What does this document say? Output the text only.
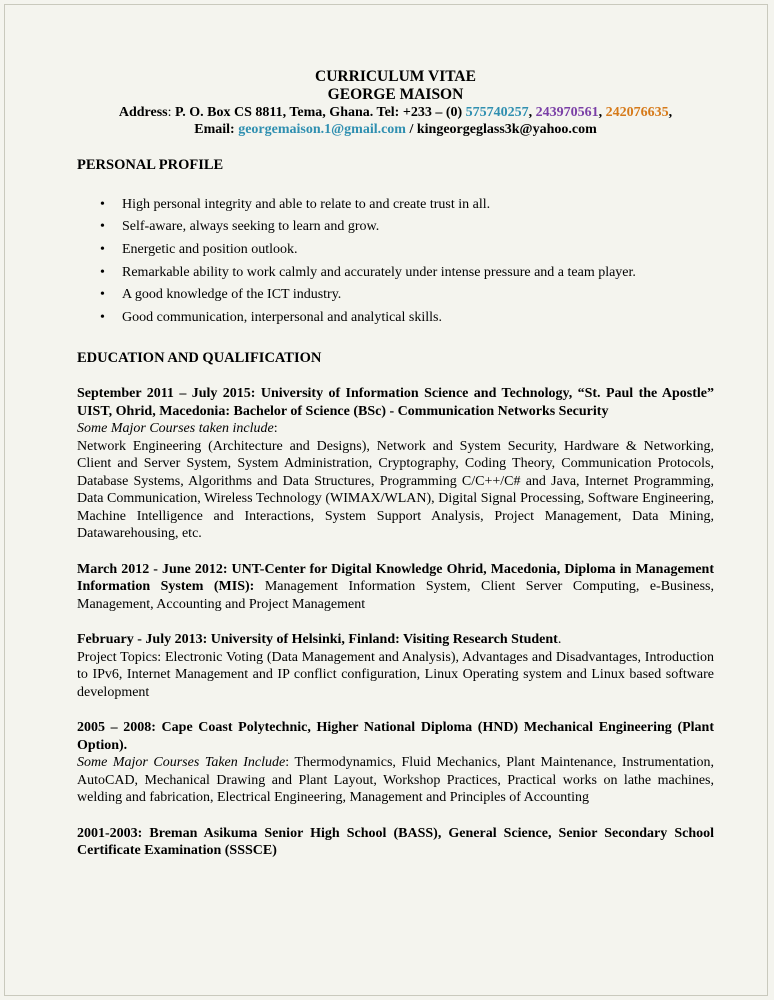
CURRICULUM VITAE
GEORGE MAISON
Address: P. O. Box CS 8811, Tema, Ghana. Tel: +233 – (0) 575740257, 243970561, 242076635,
Email: georgemaison.1@gmail.com / kingeorgeglass3k@yahoo.com
PERSONAL PROFILE
• High personal integrity and able to relate to and create trust in all.
• Self-aware, always seeking to learn and grow.
• Energetic and position outlook.
• Remarkable ability to work calmly and accurately under intense pressure and a team player.
• A good knowledge of the ICT industry.
• Good communication, interpersonal and analytical skills.
EDUCATION AND QUALIFICATION
September 2011 – July 2015: University of Information Science and Technology, “St. Paul the Apostle” UIST, Ohrid, Macedonia: Bachelor of Science (BSc) - Communication Networks Security
Some Major Courses taken include:
Network Engineering (Architecture and Designs), Network and System Security, Hardware & Networking, Client and Server System, System Administration, Cryptography, Coding Theory, Communication Protocols, Database Systems, Algorithms and Data Structures, Programming C/C++/C# and Java, Internet Programming, Data Communication, Wireless Technology (WIMAX/WLAN), Digital Signal Processing, Software Engineering, Machine Intelligence and Interactions, System Support Analysis, Project Management, Data Mining, Datawarehousing, etc.
March 2012 - June 2012: UNT-Center for Digital Knowledge Ohrid, Macedonia, Diploma in Management Information System (MIS): Management Information System, Client Server Computing, e-Business, Management, Accounting and Project Management
February - July 2013: University of Helsinki, Finland: Visiting Research Student.
Project Topics: Electronic Voting (Data Management and Analysis), Advantages and Disadvantages, Introduction to IPv6, Internet Management and IP conflict configuration, Linux Operating system and Linux based software development
2005 – 2008: Cape Coast Polytechnic, Higher National Diploma (HND) Mechanical Engineering (Plant Option).
Some Major Courses Taken Include: Thermodynamics, Fluid Mechanics, Plant Maintenance, Instrumentation, AutoCAD, Mechanical Drawing and Plant Layout, Workshop Practices, Practical works on lathe machines, welding and fabrication, Electrical Engineering, Management and Principles of Accounting
2001-2003: Breman Asikuma Senior High School (BASS), General Science, Senior Secondary School Certificate Examination (SSSCE)
